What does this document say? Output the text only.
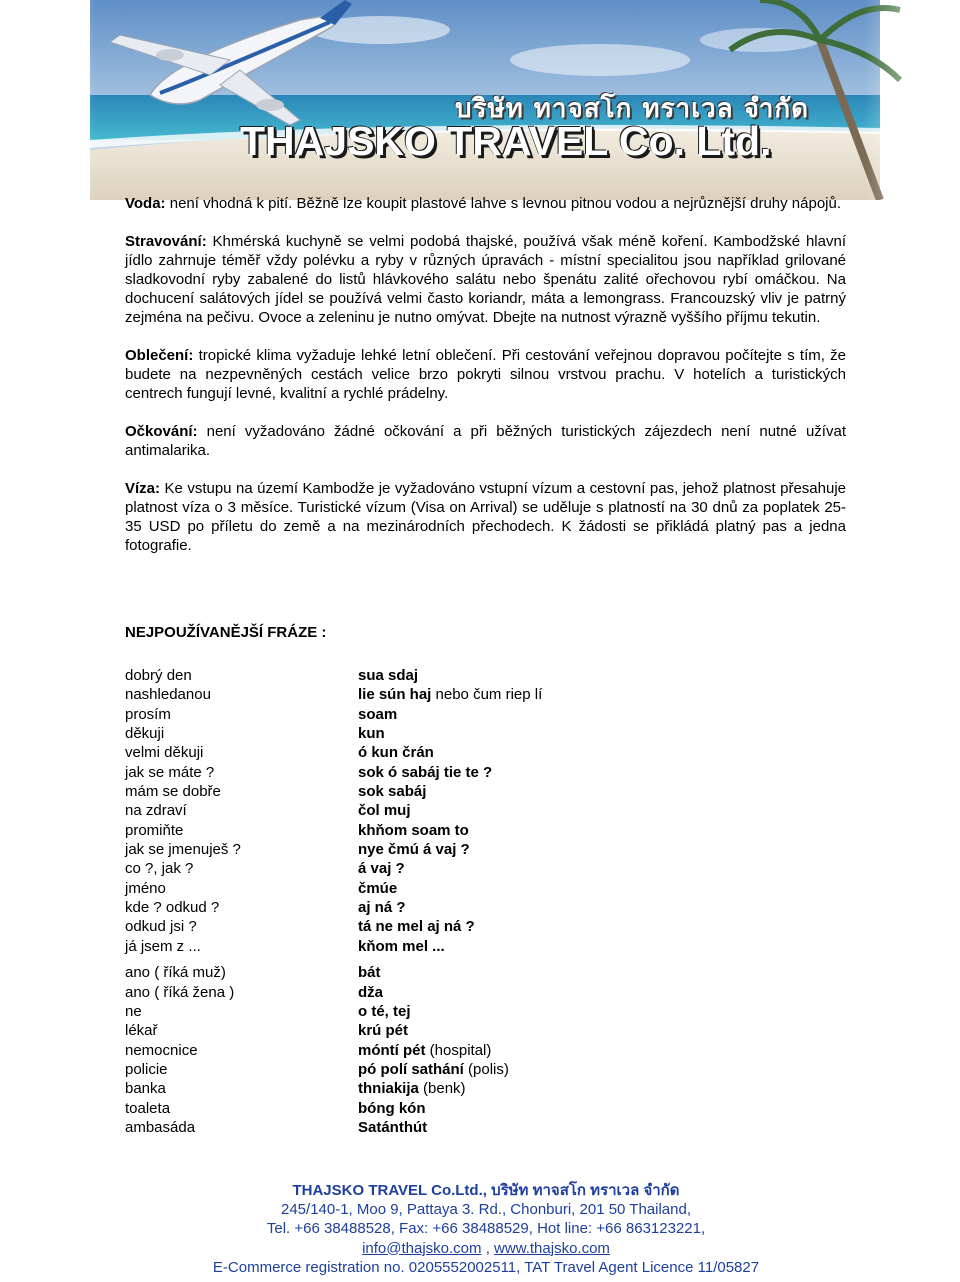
บริษัท ทาจสโก ทราเวล จำกัด
THAJSKO TRAVEL Co. Ltd.

Voda: není vhodná k pití. Běžně lze koupit plastové lahve s levnou pitnou vodou a nejrůznější druhy nápojů.

Stravování: Khmérská kuchyně se velmi podobá thajské, používá však méně koření. Kambodžské hlavní jídlo zahrnuje téměř vždy polévku a ryby v různých úpravách - místní specialitou jsou například grilované sladkovodní ryby zabalené do listů hlávkového salátu nebo špenátu zalité ořechovou rybí omáčkou. Na dochucení salátových jídel se používá velmi často koriandr, máta a lemongrass. Francouzský vliv je patrný zejména na pečivu. Ovoce a zeleninu je nutno omývat. Dbejte na nutnost výrazně vyššího příjmu tekutin.

Oblečení: tropické klima vyžaduje lehké letní oblečení. Při cestování veřejnou dopravou počítejte s tím, že budete na nezpevněných cestách velice brzo pokryti silnou vrstvou prachu. V hotelích a turistických centrech fungují levné, kvalitní a rychlé prádelny.

Očkování: není vyžadováno žádné očkování a při běžných turistických zájezdech není nutné užívat antimalarika.

Víza: Ke vstupu na území Kambodže je vyžadováno vstupní vízum a cestovní pas, jehož platnost přesahuje platnost víza o 3 měsíce. Turistické vízum (Visa on Arrival) se uděluje s platností na 30 dnů za poplatek 25-35 USD po příletu do země a na mezinárodních přechodech. K žádosti se přikládá platný pas a jedna fotografie.

NEJPOUŽÍVANĚJŠÍ FRÁZE :
dobrý den	sua sdaj
nashledanou	lie sún haj nebo čum riep lí
prosím	soam
děkuji	kun
velmi děkuji	ó kun črán
jak se máte ?	sok ó sabáj tie te ?
mám se dobře	sok sabáj
na zdraví	čol muj
promiňte	khňom soam to
jak se jmenuješ ?	nye čmú á vaj ?
co ?, jak ?	á vaj ?
jméno	čmúe
kde ? odkud ?	aj ná ?
odkud jsi ?	tá ne mel aj ná ?
já jsem z ...	kňom mel ...
ano ( říká muž)	bát
ano ( říká žena )	dža
ne	o té, tej
lékař	krú pét
nemocnice	móntí pét (hospital)
policie	pó polí sathání (polis)
banka	thniakija (benk)
toaleta	bóng kón
ambasáda	Satánthút
THAJSKO TRAVEL Co.Ltd., บริษัท ทาจสโก ทราเวล จำกัด
245/140-1, Moo 9, Pattaya 3. Rd., Chonburi, 201 50 Thailand,
Tel. +66 38488528, Fax: +66 38488529, Hot line: +66 863123221,
info@thajsko.com , www.thajsko.com
E-Commerce registration no. 0205552002511, TAT Travel Agent Licence 11/05827
